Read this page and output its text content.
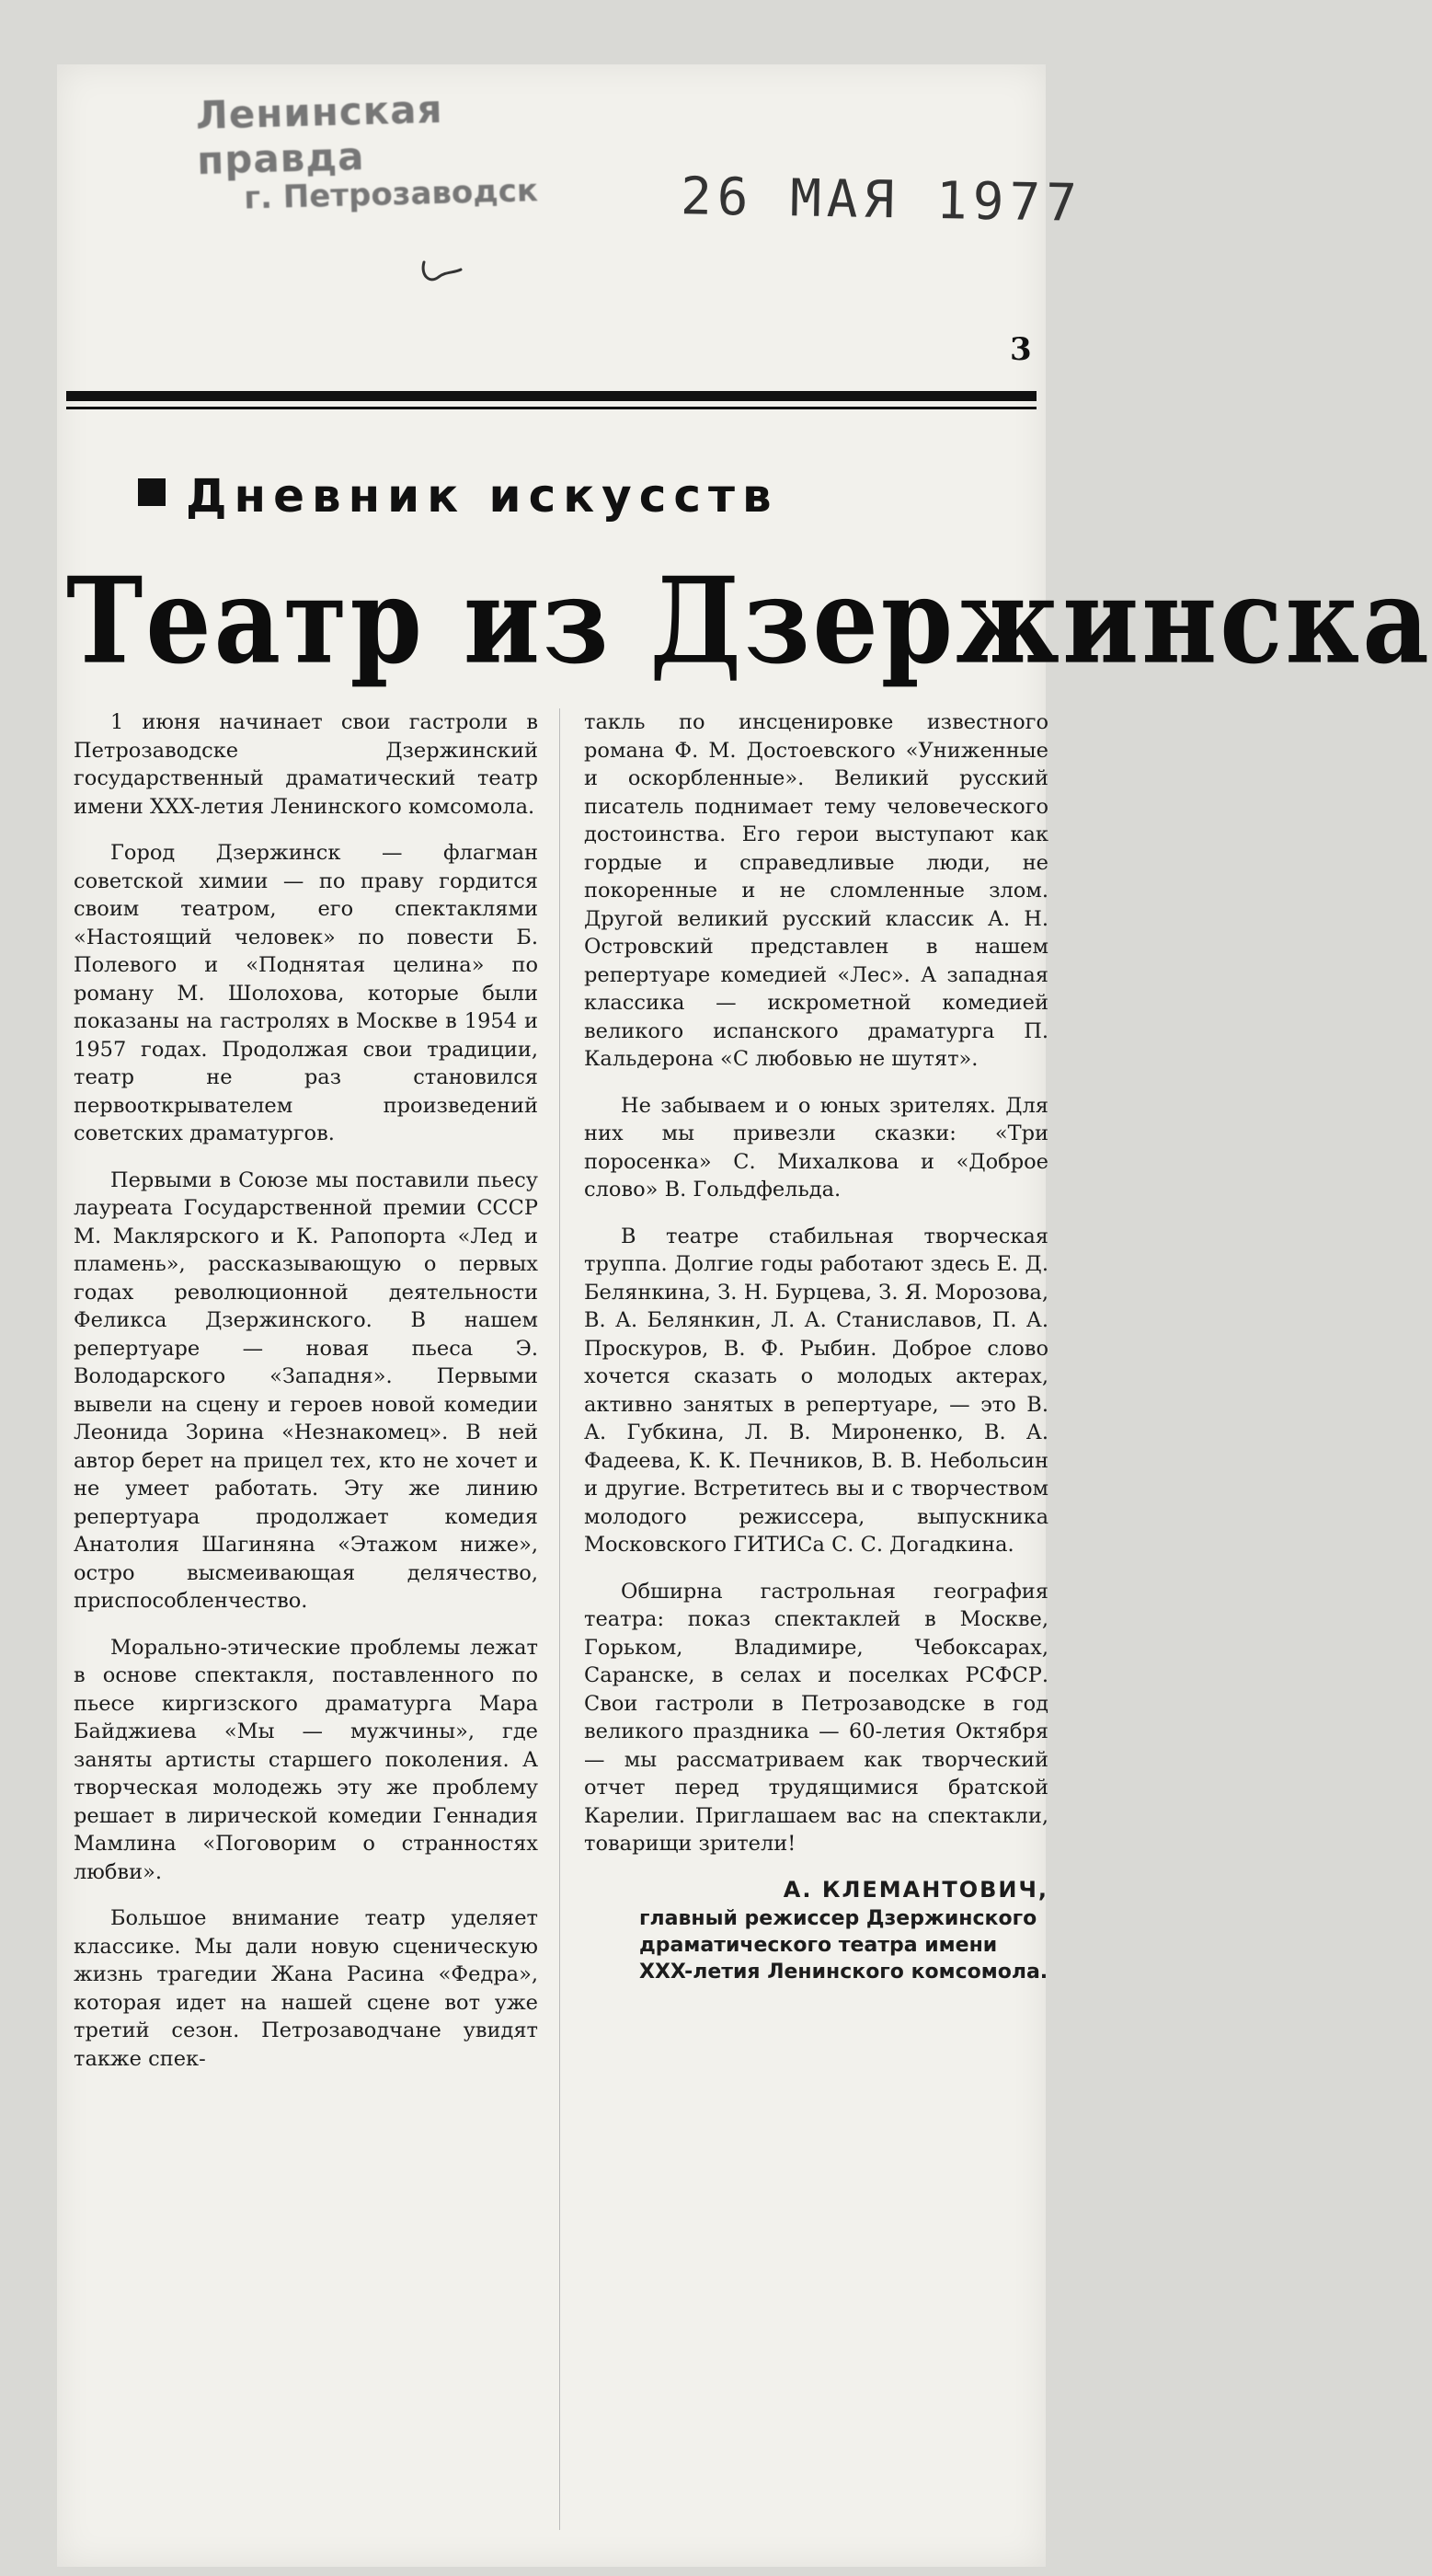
Ленинская правда
г. Петрозаводск	26 МАЯ 1977
3
Дневник искусств
Театр из Дзержинска

1 июня начинает свои гастроли в Петрозаводске Дзержинский государственный драматический театр имени XXX-летия Ленинского комсомола.

Город Дзержинск — флагман советской химии — по праву гордится своим театром, его спектаклями «Настоящий человек» по повести Б. Полевого и «Поднятая целина» по роману М. Шолохова, которые были показаны на гастролях в Москве в 1954 и 1957 годах. Продолжая свои традиции, театр не раз становился первооткрывателем произведений советских драматургов.

Первыми в Союзе мы поставили пьесу лауреата Государственной премии СССР М. Маклярского и К. Рапопорта «Лед и пламень», рассказывающую о первых годах революционной деятельности Феликса Дзержинского. В нашем репертуаре — новая пьеса Э. Володарского «Западня». Первыми вывели на сцену и героев новой комедии Леонида Зорина «Незнакомец». В ней автор берет на прицел тех, кто не хочет и не умеет работать. Эту же линию репертуара продолжает комедия Анатолия Шагиняна «Этажом ниже», остро высмеивающая делячество, приспособленчество.

Морально-этические проблемы лежат в основе спектакля, поставленного по пьесе киргизского драматурга Мара Байджиева «Мы — мужчины», где заняты артисты старшего поколения. А творческая молодежь эту же проблему решает в лирической комедии Геннадия Мамлина «Поговорим о странностях любви».

Большое внимание театр уделяет классике. Мы дали новую сценическую жизнь трагедии Жана Расина «Федра», которая идет на нашей сцене вот уже третий сезон. Петрозаводчане увидят также спек-

такль по инсценировке известного романа Ф. М. Достоевского «Униженные и оскорбленные». Великий русский писатель поднимает тему человеческого достоинства. Его герои выступают как гордые и справедливые люди, не покоренные и не сломленные злом. Другой великий русский классик А. Н. Островский представлен в нашем репертуаре комедией «Лес». А западная классика — искрометной комедией великого испанского драматурга П. Кальдерона «С любовью не шутят».

Не забываем и о юных зрителях. Для них мы привезли сказки: «Три поросенка» С. Михалкова и «Доброе слово» В. Гольдфельда.

В театре стабильная творческая труппа. Долгие годы работают здесь Е. Д. Белянкина, З. Н. Бурцева, З. Я. Морозова, В. А. Белянкин, Л. А. Станиславов, П. А. Проскуров, В. Ф. Рыбин. Доброе слово хочется сказать о молодых актерах, активно занятых в репертуаре, — это В. А. Губкина, Л. В. Мироненко, В. А. Фадеева, К. К. Печников, В. В. Небольсин и другие. Встретитесь вы и с творчеством молодого режиссера, выпускника Московского ГИТИСа С. С. Догадкина.

Обширна гастрольная география театра: показ спектаклей в Москве, Горьком, Владимире, Чебоксарах, Саранске, в селах и поселках РСФСР. Свои гастроли в Петрозаводске в год великого праздника — 60-летия Октября — мы рассматриваем как творческий отчет перед трудящимися братской Карелии. Приглашаем вас на спектакли, товарищи зрители!

А. КЛЕМАНТОВИЧ,
главный режиссер Дзержинского драматического театра имени XXX-летия Ленинского комсомола.
